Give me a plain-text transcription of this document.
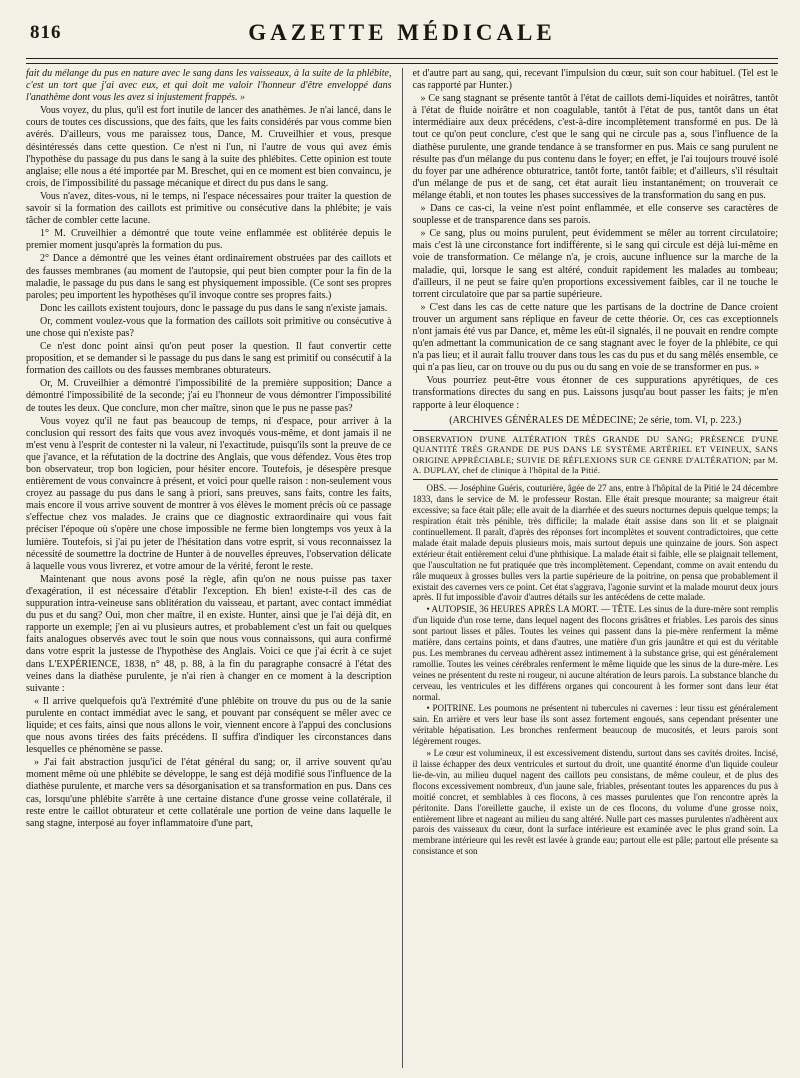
816	GAZETTE MÉDICALE

fait du mélange du pus en nature avec le sang dans les vaisseaux, à la suite de la phlébite, c'est un tort que j'ai avec eux, et qui doit me valoir l'honneur d'être enveloppé dans l'anathème dont vous les avez si injustement frappés. »

Vous voyez, du plus, qu'il est fort inutile de lancer des anathèmes. Je n'ai lancé, dans le cours de toutes ces discussions, que des faits, que les faits considérés par vous comme bien avérés. D'ailleurs, vous me paraissez tous, Dance, M. Cruveilhier et vous, presque désintéressés dans cette question. Ce n'est ni l'un, ni l'autre de vous qui avez émis l'hypothèse du passage du pus dans le sang à la suite des phlébites. Cette opinion est toute anglaise; elle nous a été importée par M. Breschet, qui en ce moment est bien convaincu, je crois, de l'impossibilité du passage mécanique et direct du pus dans le sang.

Vous n'avez, dites-vous, ni le temps, ni l'espace nécessaires pour traiter la question de savoir si la formation des caillots est primitive ou consécutive dans la phlébite; je vais tâcher de combler cette lacune.

1° M. Cruveilhier a démontré que toute veine enflammée est oblitérée depuis le premier moment jusqu'après la formation du pus.

2° Dance a démontré que les veines étant ordinairement obstruées par des caillots et des fausses membranes (au moment de l'autopsie, qui peut bien compter pour la fin de la maladie, le passage du pus dans le sang est physiquement impossible. (Ce sont ses propres paroles; peu importent les hypothèses qu'il invoque contre ses propres faits.)

Donc les caillots existent toujours, donc le passage du pus dans le sang n'existe jamais.

Or, comment voulez-vous que la formation des caillots soit primitive ou consécutive à une chose qui n'existe pas?

Ce n'est donc point ainsi qu'on peut poser la question. Il faut convertir cette proposition, et se demander si le passage du pus dans le sang est primitif ou consécutif à la formation des caillots ou des fausses membranes obturateurs.

Or, M. Cruveilhier a démontré l'impossibilité de la première supposition; Dance a démontré l'impossibilité de la seconde; j'ai eu l'honneur de vous démontrer l'impossibilité de toutes les deux. Que conclure, mon cher maître, sinon que le pus ne passe pas?

Vous voyez qu'il ne faut pas beaucoup de temps, ni d'espace, pour arriver à la conclusion qui ressort des faits que vous avez invoqués vous-même, et dont jamais il ne m'est venu à l'esprit de contester ni la valeur, ni l'exactitude, puisqu'ils sont la preuve de ce que j'avance, et la réfutation de la doctrine des Anglais, que vous défendez. Vous êtes trop bon observateur, trop bon logicien, pour hésiter encore. Toutefois, je désespère presque entièrement de vous convaincre à présent, et voici pour quelle raison : non-seulement vous croyez au passage du pus dans le sang à priori, sans preuves, sans faits, contre les faits, mais encore il vous arrive souvent de montrer à vos élèves le moment précis où ce passage s'effectue chez vos malades. Je crains que ce diagnostic extraordinaire qui vous fait préciser l'époque où s'opère une chose impossible ne ferme bien longtemps vos yeux à la lumière. Toutefois, si j'ai pu jeter de l'hésitation dans votre esprit, si vous reconnaissez la nécessité de soumettre la doctrine de Hunter à de nouvelles épreuves, l'observation délicate à laquelle vous vous livrerez, et votre amour de la vérité, feront le reste.

Maintenant que nous avons posé la règle, afin qu'on ne nous puisse pas taxer d'exagération, il est nécessaire d'établir l'exception. Eh bien! existe-t-il des cas de suppuration intra-veineuse sans oblitération du vaisseau, et partant, avec contact immédiat du pus et du sang? Oui, mon cher maître, il en existe. Hunter, ainsi que je l'ai déjà dit, en rapporte un exemple; j'en ai vu plusieurs autres, et probablement c'est un fait ou quelques faits analogues observés avec tout le soin que nous vous connaissons, qui aura confirmé dans votre esprit la justesse de l'hypothèse des Anglais. Voici ce que j'ai écrit à ce sujet dans L'EXPÉRIENCE, 1838, n° 48, p. 88, à la fin du paragraphe consacré à l'état des veines dans la diathèse purulente, je n'ai rien à changer en ce moment à la description suivante :

« Il arrive quelquefois qu'à l'extrémité d'une phlébite on trouve du pus ou de la sanie purulente en contact immédiat avec le sang, et pouvant par conséquent se mêler avec ce liquide; et ces faits, ainsi que nous allons le voir, viennent encore à l'appui des conclusions que nous avons tirées des faits précédens. Il suffira d'indiquer les circonstances dans lesquelles ce phénomène se passe.

» J'ai fait abstraction jusqu'ici de l'état général du sang; or, il arrive souvent qu'au moment même où une phlébite se développe, le sang est déjà modifié sous l'influence de la diathèse purulente, et marche vers sa désorganisation et sa transformation en pus. Dans ces cas, lorsqu'une phlébite s'arrête à une certaine distance d'une grosse veine collatérale, il reste entre le caillot obturateur et cette collatérale une portion de veine dans laquelle le sang stagne, interposé au foyer inflammatoire d'une part,

et d'autre part au sang, qui, recevant l'impulsion du cœur, suit son cour habituel. (Tel est le cas rapporté par Hunter.)

» Ce sang stagnant se présente tantôt à l'état de caillots demi-liquides et noirâtres, tantôt à l'état de fluide noirâtre et non coagulable, tantôt à l'état de pus, tantôt dans un état intermédiaire aux deux précédens, c'est-à-dire incomplètement transformé en pus. De là tout ce qu'on peut conclure, c'est que le sang qui ne circule pas a, sous l'influence de la diathèse purulente, une grande tendance à se transformer en pus. Mais ce sang purulent ne résulte pas d'un mélange du pus contenu dans le foyer; en effet, je l'ai toujours trouvé isolé du foyer par une adhérence obturatrice, tantôt forte, tantôt faible; et d'ailleurs, s'il résultait d'un mélange de pus et de sang, cet état aurait lieu instantanément; on trouverait ce mélange établi, et non toutes les phases successives de la transformation du sang en pus.

» Dans ce cas-ci, la veine n'est point enflammée, et elle conserve ses caractères de souplesse et de transparence dans ses parois.

» Ce sang, plus ou moins purulent, peut évidemment se mêler au torrent circulatoire; mais c'est là une circonstance fort indifférente, si le sang qui circule est déjà lui-même en voie de transformation. Ce mélange n'a, je crois, aucune influence sur la marche de la maladie, qui, lorsque le sang est altéré, conduit rapidement les malades au tombeau; d'ailleurs, il ne peut se faire qu'en proportions excessivement faibles, car il ne touche le torrent circulatoire que par sa partie supérieure.

» C'est dans les cas de cette nature que les partisans de la doctrine de Dance croient trouver un argument sans réplique en faveur de cette théorie. Or, ces cas exceptionnels n'ont jamais été vus par Dance, et, même les eût-il signalés, il ne pouvait en rendre compte qu'en admettant la communication de ce sang stagnant avec le foyer de la phlébite, ce qui n'a pas lieu; et il aurait fallu trouver dans tous les cas du pus et du sang mêlés ensemble, ce qui n'a pas lieu, car on trouve ou du pus ou du sang en voie de se transformer en pus. »

Vous pourriez peut-être vous étonner de ces suppurations apyrétiques, de ces transformations directes du sang en pus. Laissons jusqu'au bout passer les faits; je m'en rapporte à leur éloquence :

(ARCHIVES GÉNÉRALES DE MÉDECINE; 2e série, tom. VI, p. 223.)
OBSERVATION D'UNE ALTÉRATION TRÈS GRANDE DU SANG; PRÉSENCE D'UNE QUANTITÉ TRÈS GRANDE DE PUS DANS LE SYSTÈME ARTÉRIEL ET VEINEUX, SANS ORIGINE APPRÉCIABLE; SUIVIE DE RÉFLEXIONS SUR CE GENRE D'ALTÉRATION; par M. A. DUPLAY, chef de clinique à l'hôpital de la Pitié.

OBS. — Joséphine Guéris, couturière, âgée de 27 ans, entre à l'hôpital de la Pitié le 24 décembre 1833, dans le service de M. le professeur Rostan. Elle était presque mourante; sa maigreur était excessive; sa face était pâle; elle avait de la diarrhée et des sueurs nocturnes depuis quelque temps; la respiration était très pénible, très difficile; la malade était assise dans son lit et se plaignait continuellement. Il paraît, d'après des réponses fort incomplètes et souvent contradictoires, que cette malade était malade depuis plusieurs mois, mais surtout depuis une quinzaine de jours. Son aspect extérieur était entièrement celui d'une phthisique. La malade était si faible, elle se plaignait tellement, que l'auscultation ne fut pratiquée que très incomplètement. Cependant, comme on avait entendu du râle muqueux à grosses bulles vers la partie supérieure de la poitrine, on pensa que probablement il existait des cavernes vers ce point. Cet état s'aggrava, l'agonie survint et la malade mourut deux jours après. Il fut impossible d'avoir d'autres détails sur les antécédens de cette malade.

• AUTOPSIE, 36 HEURES APRÈS LA MORT. — TÊTE. Les sinus de la dure-mère sont remplis d'un liquide d'un rose terne, dans lequel nagent des flocons grisâtres et friables. Les parois des sinus sont partout lisses et pâles. Toutes les veines qui passent dans la pie-mère renferment la même matière, dans certains points, et dans d'autres, une matière d'un gris jaunâtre et qui est du véritable pus. Les membranes du cerveau adhèrent assez intimement à la substance grise, qui est généralement ramollie. Toutes les veines cérébrales renferment le même liquide que les sinus de la dure-mère. Les veines ne présentent du reste ni rougeur, ni aucune altération de leurs parois. La substance blanche du cerveau, les ventricules et les différens organes qui concourent à les former sont dans leur état normal.

• POITRINE. Les poumons ne présentent ni tubercules ni cavernes : leur tissu est généralement sain. En arrière et vers leur base ils sont assez fortement engoués, sans cependant présenter une véritable hépatisation. Les bronches renferment beaucoup de mucosités, et leurs parois sont légèrement rouges.

» Le cœur est volumineux, il est excessivement distendu, surtout dans ses cavités droites. Incisé, il laisse échapper des deux ventricules et surtout du droit, une quantité énorme d'un liquide couleur lie-de-vin, au milieu duquel nagent des caillots peu consistans, de même couleur, et de plus des flocons excessivement nombreux, d'un jaune sale, friables, présentant toutes les apparences du pus à moitié concret, et semblables à ces flocons, à ces masses purulentes que l'on rencontre après la péritonite. Dans l'oreillette gauche, il existe un de ces flocons, du volume d'une grosse noix, entièrement libre et nageant au milieu du sang altéré. Nulle part ces masses purulentes n'adhèrent aux parois des vaisseaux du cœur, dont la surface intérieure est examinée avec le plus grand soin. La membrane intérieure qui les revêt est lavée à grande eau; partout elle est pâle; partout elle présente sa consistance et son
